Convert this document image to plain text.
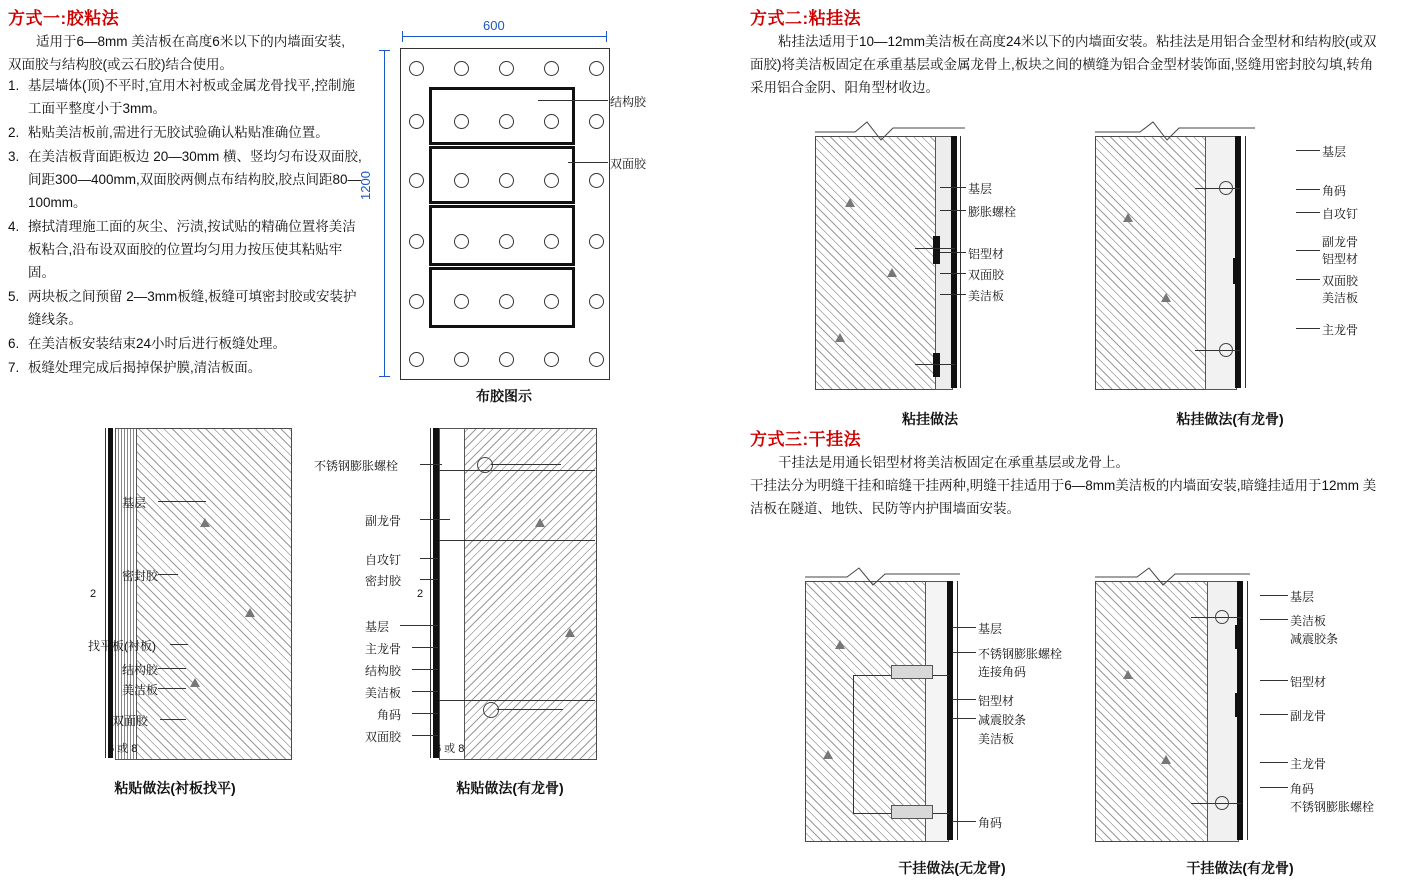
方式一:胶粘法
适用于6—8mm 美洁板在高度6米以下的内墙面安装,双面胶与结构胶(或云石胶)结合使用。
1. 基层墙体(顶)不平时,宜用木衬板或金属龙骨找平,控制施工面平整度小于3mm。
2. 粘贴美洁板前,需进行无胶试验确认粘贴准确位置。
3. 在美洁板背面距板边 20—30mm 横、竖均匀布设双面胶,间距300—400mm,双面胶两侧点布结构胶,胶点间距80—100mm。
4. 擦拭清理施工面的灰尘、污渍,按试贴的精确位置将美洁板粘合,沿布设双面胶的位置均匀用力按压使其粘贴牢固。
5. 两块板之间预留 2—3mm板缝,板缝可填密封胶或安装护缝线条。
6. 在美洁板安装结束24小时后进行板缝处理。
7. 板缝处理完成后揭掉保护膜,清洁板面。
600
1200
结构胶
双面胶
布胶图示
6 或 8
2
基层
密封胶
找平板(衬板)
结构胶
美洁板
双面胶
粘贴做法(衬板找平)
6 或 8
2
不锈钢膨胀螺栓
副龙骨
自攻钉
密封胶
基层
主龙骨
结构胶
美洁板
角码
双面胶
粘贴做法(有龙骨)
方式二:粘挂法
粘挂法适用于10—12mm美洁板在高度24米以下的内墙面安装。粘挂法是用铝合金型材和结构胶(或双面胶)将美洁板固定在承重基层或金属龙骨上,板块之间的横缝为铝合金型材装饰面,竖缝用密封胶勾填,转角采用铝合金阴、阳角型材收边。
基层
膨胀螺栓
铝型材
双面胶
美洁板
粘挂做法
基层
角码
自攻钉
副龙骨
铝型材
双面胶
美洁板
主龙骨
粘挂做法(有龙骨)
方式三:干挂法
干挂法是用通长铝型材将美洁板固定在承重基层或龙骨上。
干挂法分为明缝干挂和暗缝干挂两种,明缝干挂适用于6—8mm美洁板的内墙面安装,暗缝挂适用于12mm 美洁板在隧道、地铁、民防等内护围墙面安装。
基层
不锈钢膨胀螺栓
连接角码
铝型材
减震胶条
美洁板
角码
干挂做法(无龙骨)
基层
美洁板
减震胶条
铝型材
副龙骨
主龙骨
角码
不锈钢膨胀螺栓
干挂做法(有龙骨)
